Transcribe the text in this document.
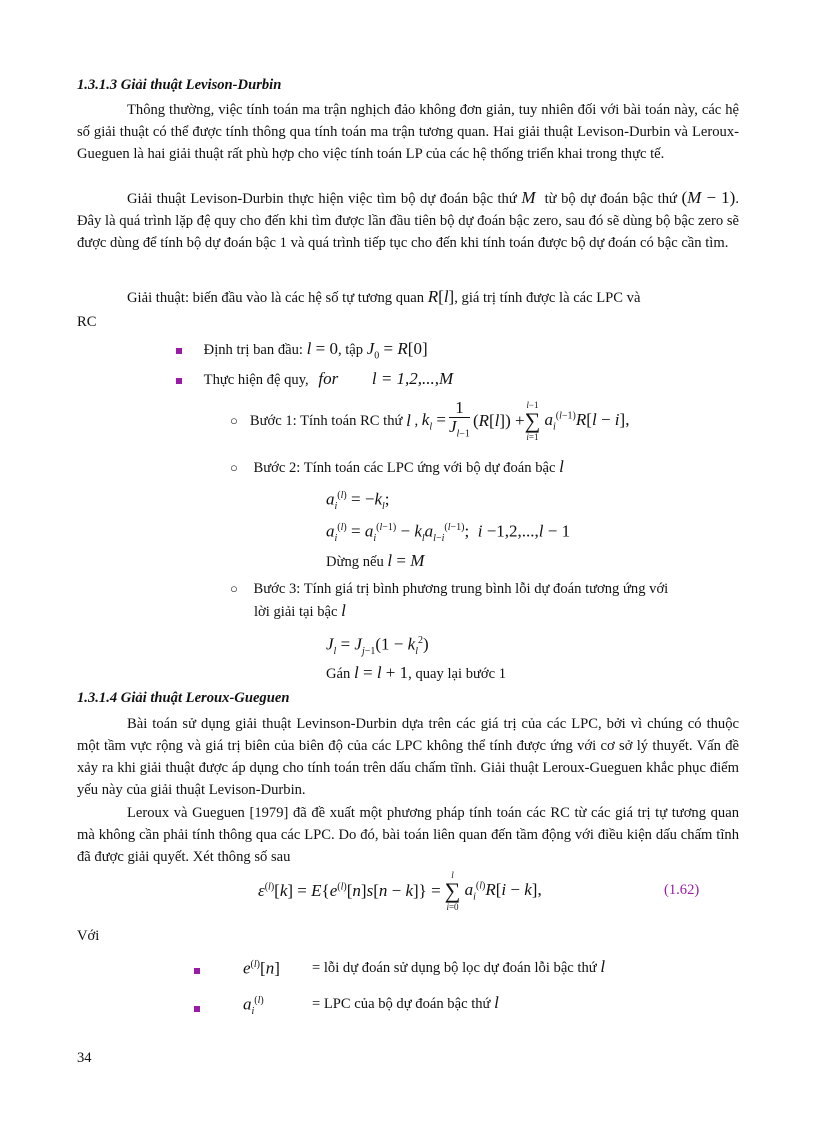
1.3.1.3 Giải thuật Levison-Durbin
Thông thường, việc tính toán ma trận nghịch đảo không đơn giản, tuy nhiên đối với bài toán này, các hệ số giải thuật có thể được tính thông qua tính toán ma trận tương quan. Hai giải thuật Levison-Durbin và Leroux-Gueguen là hai giải thuật rất phù hợp cho việc tính toán LP của các hệ thống triển khai trong thực tế.
Giải thuật Levison-Durbin thực hiện việc tìm bộ dự đoán bậc thứ M từ bộ dự đoán bậc thứ (M − 1). Đây là quá trình lặp đệ quy cho đến khi tìm được lần đầu tiên bộ dự đoán bậc zero, sau đó sẽ dùng bộ bậc zero sẽ được dùng để tính bộ dự đoán bậc 1 và quá trình tiếp tục cho đến khi tính toán được bộ dự đoán có bậc cần tìm.
Giải thuật: biến đầu vào là các hệ số tự tương quan R[l], giá trị tính được là các LPC và
RC
Định trị ban đầu: l = 0, tập $J_0 = R[0]$
Thực hiện đệ quy, for l = 1,2,...,M
○ Bước 1: Tính toán RC thứ
l , $k_l = \frac{1}{J_{l-1}} (R[l])$ +
l−1
∑
i=1
$a_i^{(l-1)}R[l - i]$,
○ Bước 2: Tính toán các LPC ứng với bộ dự đoán bậc l
$a_i^{(l)} = -k_l$;
$a_i^{(l)} = a_i^{(l-1)} - k_la_{l-i}^{(l-1)}$;  i −1,2,...,l − 1
Dừng nếu l = M
○ Bước 3: Tính giá trị bình phương trung bình lỗi dự đoán tương ứng với
lời giải tại bậc l
$J_l = J_{j-1}(1 - k_l^2)$
Gán l = l + 1, quay lại bước 1
1.3.1.4 Giải thuật Leroux-Gueguen
Bài toán sử dụng giải thuật Levinson-Durbin dựa trên các giá trị của các LPC, bởi vì chúng có thuộc một tầm vực rộng và giá trị biên của biên độ của các LPC không thể tính được ứng với cơ sở lý thuyết. Vấn đề xảy ra khi giải thuật được áp dụng cho tính toán trên dấu chấm tĩnh. Giải thuật Leroux-Gueguen khắc phục điểm yếu này của giải thuật Levison-Durbin.
Leroux và Gueguen [1979] đã đề xuất một phương pháp tính toán các RC từ các giá trị tự tương quan mà không cần phải tính thông qua các LPC. Do đó, bài toán liên quan đến tầm động với điều kiện dấu chấm tĩnh đã được giải quyết. Xét thông số sau
$\varepsilon^{(l)}[k] = E\{e^{(l)}[n]s[n - k]\}$ =
l
∑
i=0
$a_i^{(l)}R[i - k]$,	(1.62)
Với
$e^{(l)}[n]$ = lỗi dự đoán sử dụng bộ lọc dự đoán lỗi bậc thứ l
$a_i^{(l)}$	= LPC của bộ dự đoán bậc thứ l
34
